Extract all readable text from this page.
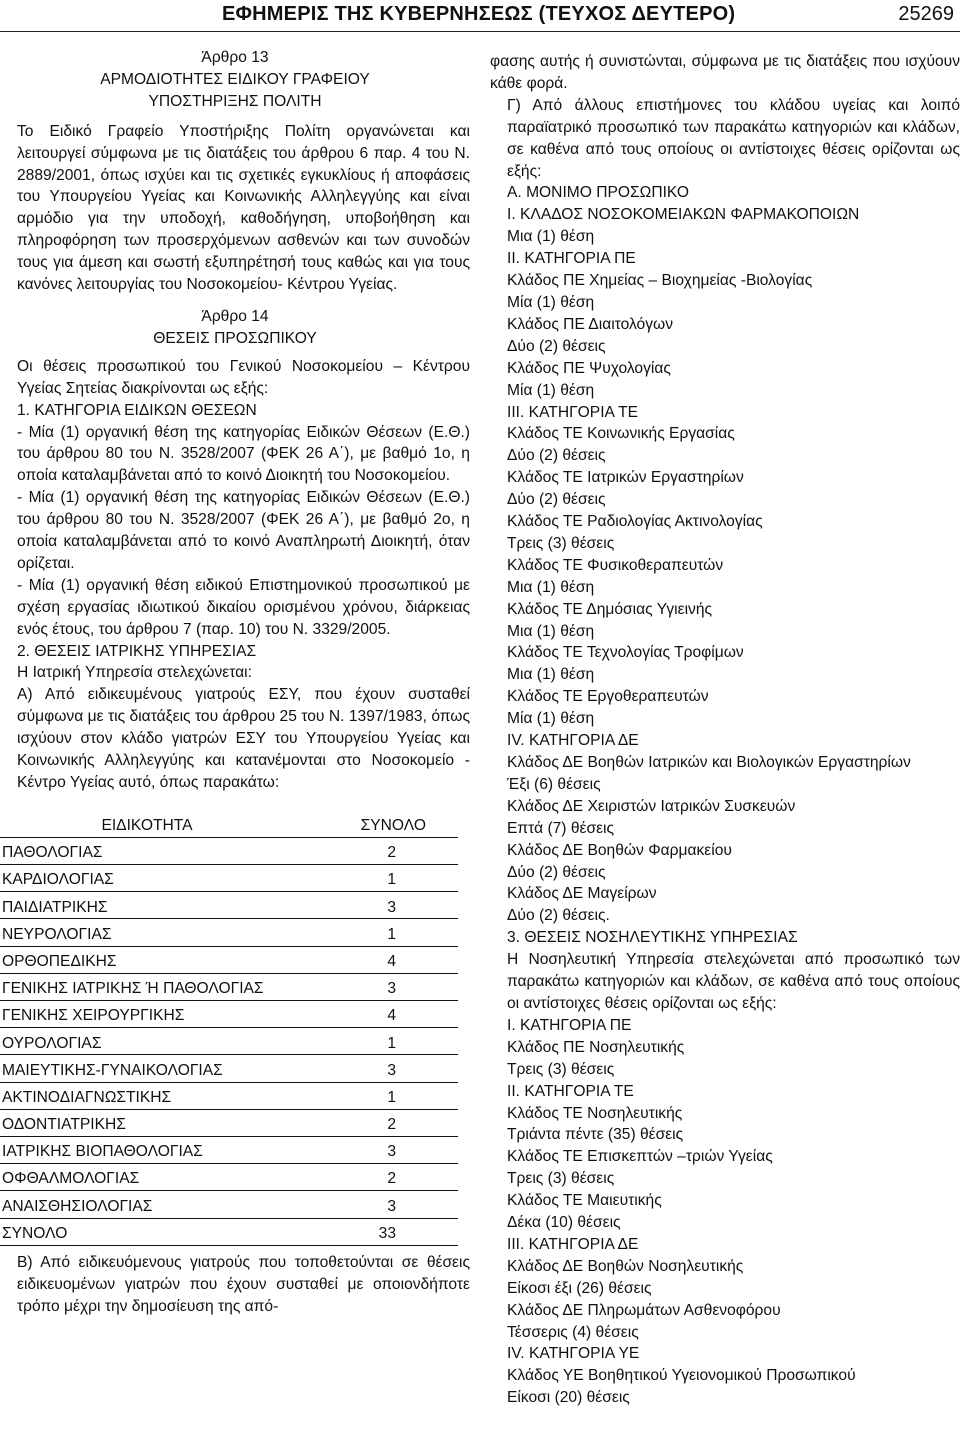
ΕΦΗΜΕΡΙΣ ΤΗΣ ΚΥΒΕΡΝΗΣΕΩΣ (ΤΕΥΧΟΣ ΔΕΥΤΕΡΟ)	25269

Άρθρο 13

ΑΡΜΟΔΙΟΤΗΤΕΣ ΕΙΔΙΚΟΥ ΓΡΑΦΕΙΟΥ

ΥΠΟΣΤΗΡΙΞΗΣ ΠΟΛΙΤΗ

Το Ειδικό Γραφείο Υποστήριξης Πολίτη οργανώνεται και λειτουργεί σύμφωνα με τις διατάξεις του άρθρου 6 παρ. 4 του Ν. 2889/2001, όπως ισχύει και τις σχετικές εγκυκλίους ή αποφάσεις του Υπουργείου Υγείας και Κοινωνικής Αλληλεγγύης και είναι αρμόδιο για την υποδοχή, καθοδήγηση, υποβοήθηση και πληροφόρηση των προσερχόμενων ασθενών και των συνοδών τους για άμεση και σωστή εξυπηρέτησή τους καθώς και για τους κανόνες λειτουργίας του Νοσοκομείου- Κέντρου Υγείας.

Άρθρο 14

ΘΕΣΕΙΣ ΠΡΟΣΩΠΙΚΟΥ

Οι θέσεις προσωπικού του Γενικού Νοσοκομείου – Κέντρου Υγείας Σητείας διακρίνονται ως εξής:

1. ΚΑΤΗΓΟΡΙΑ ΕΙΔΙΚΩΝ ΘΕΣΕΩΝ

- Μία (1) οργανική θέση της κατηγορίας Ειδικών Θέσεων (Ε.Θ.) του άρθρου 80 του Ν. 3528/2007 (ΦΕΚ 26 Α΄), με βαθμό 1ο, η οποία καταλαμβάνεται από το κοινό Διοικητή του Νοσοκομείου.

- Μία (1) οργανική θέση της κατηγορίας Ειδικών Θέσεων (Ε.Θ.) του άρθρου 80 του Ν. 3528/2007 (ΦΕΚ 26 Α΄), με βαθμό 2ο, η οποία καταλαμβάνεται από το κοινό Αναπληρωτή Διοικητή, όταν ορίζεται.

- Μία (1) οργανική θέση ειδικού Επιστημονικού προσωπικού με σχέση εργασίας ιδιωτικού δικαίου ορισμένου χρόνου, διάρκειας ενός έτους, του άρθρου 7 (παρ. 10) του Ν. 3329/2005.

2. ΘΕΣΕΙΣ ΙΑΤΡΙΚΗΣ ΥΠΗΡΕΣΙΑΣ

Η Ιατρική Υπηρεσία στελεχώνεται:

Α) Από ειδικευμένους γιατρούς ΕΣΥ, που έχουν συσταθεί σύμφωνα με τις διατάξεις του άρθρου 25 του Ν. 1397/1983, όπως ισχύουν στον κλάδο γιατρών ΕΣΥ του Υπουργείου Υγείας και Κοινωνικής Αλληλεγγύης και κατανέμονται στο Νοσοκομείο - Κέντρο Υγείας αυτό, όπως παρακάτω:

ΕΙΔΙΚΟΤΗΤΑ	ΣΥΝΟΛΟ
ΠΑΘΟΛΟΓΙΑΣ	2
ΚΑΡΔΙΟΛΟΓΙΑΣ	1
ΠΑΙΔΙΑΤΡΙΚΗΣ	3
ΝΕΥΡΟΛΟΓΙΑΣ	1
ΟΡΘΟΠΕΔΙΚΗΣ	4
ΓΕΝΙΚΗΣ ΙΑΤΡΙΚΗΣ Ή ΠΑΘΟΛΟΓΙΑΣ	3
ΓΕΝΙΚΗΣ ΧΕΙΡΟΥΡΓΙΚΗΣ	4
ΟΥΡΟΛΟΓΙΑΣ	1
ΜΑΙΕΥΤΙΚΗΣ-ΓΥΝΑΙΚΟΛΟΓΙΑΣ	3
ΑΚΤΙΝΟΔΙΑΓΝΩΣΤΙΚΗΣ	1
ΟΔΟΝΤΙΑΤΡΙΚΗΣ	2
ΙΑΤΡΙΚΗΣ ΒΙΟΠΑΘΟΛΟΓΙΑΣ	3
ΟΦΘΑΛΜΟΛΟΓΙΑΣ	2
ΑΝΑΙΣΘΗΣΙΟΛΟΓΙΑΣ	3
ΣΥΝΟΛΟ	33

Β) Από ειδικευόμενους γιατρούς που τοποθετούνται σε θέσεις ειδικευομένων γιατρών που έχουν συσταθεί με οποιονδήποτε τρόπο μέχρι την δημοσίευση της από-

φασης αυτής ή συνιστώνται, σύμφωνα με τις διατάξεις που ισχύουν κάθε φορά.

Γ) Από άλλους επιστήμονες του κλάδου υγείας και λοιπό παραϊατρικό προσωπικό των παρακάτω κατηγοριών και κλάδων, σε καθένα από τους οποίους οι αντίστοιχες θέσεις ορίζονται ως εξής:

Α. ΜΟΝΙΜΟ ΠΡΟΣΩΠΙΚΟ

Ι. ΚΛΑΔΟΣ ΝΟΣΟΚΟΜΕΙΑΚΩΝ ΦΑΡΜΑΚΟΠΟΙΩΝ

Μια (1) θέση

ΙΙ. ΚΑΤΗΓΟΡΙΑ ΠΕ

Κλάδος ΠΕ Χημείας – Βιοχημείας -Βιολογίας

Μία (1) θέση

Κλάδος ΠΕ Διαιτολόγων

Δύο (2) θέσεις

Κλάδος ΠΕ Ψυχολογίας

Μία (1) θέση

ΙΙΙ. ΚΑΤΗΓΟΡΙΑ ΤΕ

Κλάδος ΤΕ Κοινωνικής Εργασίας

Δύο (2) θέσεις

Κλάδος ΤΕ Ιατρικών Εργαστηρίων

Δύο (2) θέσεις

Κλάδος ΤΕ Ραδιολογίας Ακτινολογίας

Τρεις (3) θέσεις

Κλάδος ΤΕ Φυσικοθεραπευτών

Μια (1) θέση

Κλάδος ΤΕ Δημόσιας Υγιεινής

Μια (1) θέση

Κλάδος ΤΕ Τεχνολογίας Τροφίμων

Μια (1) θέση

Κλάδος ΤΕ Εργοθεραπευτών

Μία (1) θέση

IV. ΚΑΤΗΓΟΡΙΑ ΔΕ

Κλάδος ΔΕ Βοηθών Ιατρικών και Βιολογικών Εργαστηρίων

Έξι (6) θέσεις

Κλάδος ΔΕ Χειριστών Ιατρικών Συσκευών

Επτά (7) θέσεις

Κλάδος ΔΕ Βοηθών Φαρμακείου

Δύο (2) θέσεις

Κλάδος ΔΕ Μαγείρων

Δύο (2) θέσεις.

3. ΘΕΣΕΙΣ ΝΟΣΗΛΕΥΤΙΚΗΣ ΥΠΗΡΕΣΙΑΣ

Η Νοσηλευτική Υπηρεσία στελεχώνεται από προσωπικό των παρακάτω κατηγοριών και κλάδων, σε καθένα από τους οποίους οι αντίστοιχες θέσεις ορίζονται ως εξής:

Ι. ΚΑΤΗΓΟΡΙΑ ΠΕ

Κλάδος ΠΕ Νοσηλευτικής

Τρεις (3) θέσεις

ΙΙ. ΚΑΤΗΓΟΡΙΑ ΤΕ

Κλάδος ΤΕ Νοσηλευτικής

Τριάντα πέντε (35) θέσεις

Κλάδος ΤΕ Επισκεπτών –τριών Υγείας

Τρεις (3) θέσεις

Κλάδος ΤΕ Μαιευτικής

Δέκα (10) θέσεις

ΙΙΙ. ΚΑΤΗΓΟΡΙΑ ΔΕ

Κλάδος ΔΕ Βοηθών Νοσηλευτικής

Είκοσι έξι (26) θέσεις

Κλάδος ΔΕ Πληρωμάτων Ασθενοφόρου

Τέσσερις (4) θέσεις

IV. ΚΑΤΗΓΟΡΙΑ ΥΕ

Κλάδος ΥΕ Βοηθητικού Υγειονομικού Προσωπικού

Είκοσι (20) θέσεις
